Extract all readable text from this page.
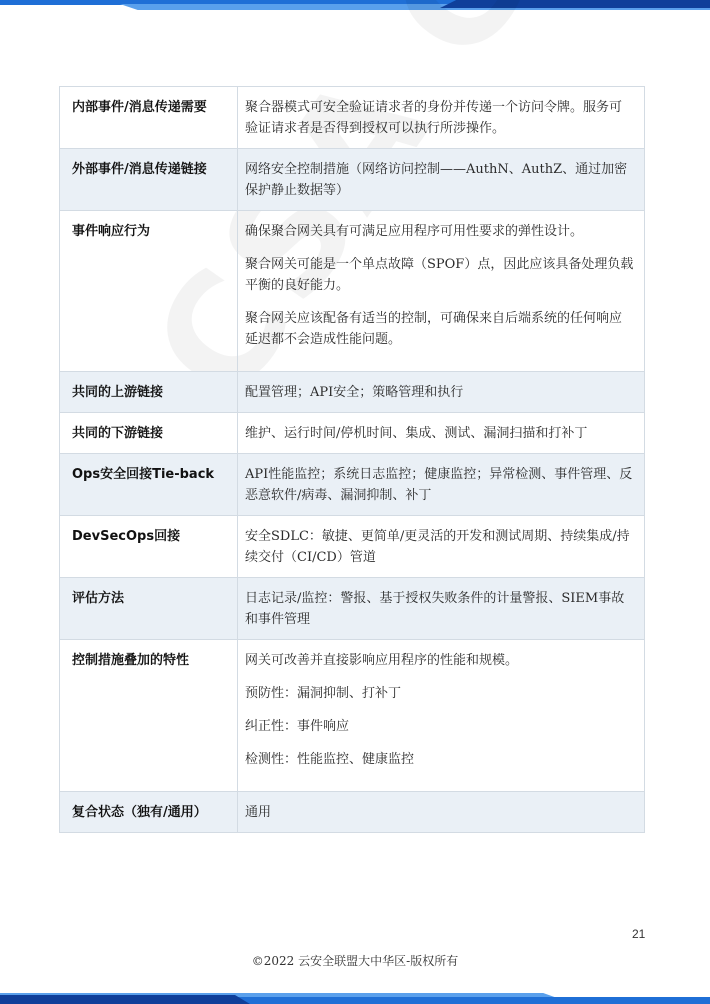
内部事件/消息传递需要	聚合器模式可安全验证请求者的身份并传递一个访问令牌。服务可验证请求者是否得到授权可以执行所涉操作。

外部事件/消息传递链接	网络安全控制措施（网络访问控制——AuthN、AuthZ、通过加密保护静止数据等）

事件响应行为	确保聚合网关具有可满足应用程序可用性要求的弹性设计。

聚合网关可能是一个单点故障（SPOF）点，因此应该具备处理负载平衡的良好能力。

聚合网关应该配备有适当的控制，可确保来自后端系统的任何响应延迟都不会造成性能问题。

共同的上游链接	配置管理；API安全；策略管理和执行

共同的下游链接	维护、运行时间/停机时间、集成、测试、漏洞扫描和打补丁

Ops安全回接Tie-back	API性能监控；系统日志监控；健康监控；异常检测、事件管理、反恶意软件/病毒、漏洞抑制、补丁

DevSecOps回接	安全SDLC：敏捷、更简单/更灵活的开发和测试周期、持续集成/持续交付（CI/CD）管道

评估方法	日志记录/监控：警报、基于授权失败条件的计量警报、SIEM事故和事件管理

控制措施叠加的特性	网关可改善并直接影响应用程序的性能和规模。

预防性：漏洞抑制、打补丁

纠正性：事件响应

检测性：性能监控、健康监控

复合状态（独有/通用）	通用

21
©2022 云安全联盟大中华区-版权所有
